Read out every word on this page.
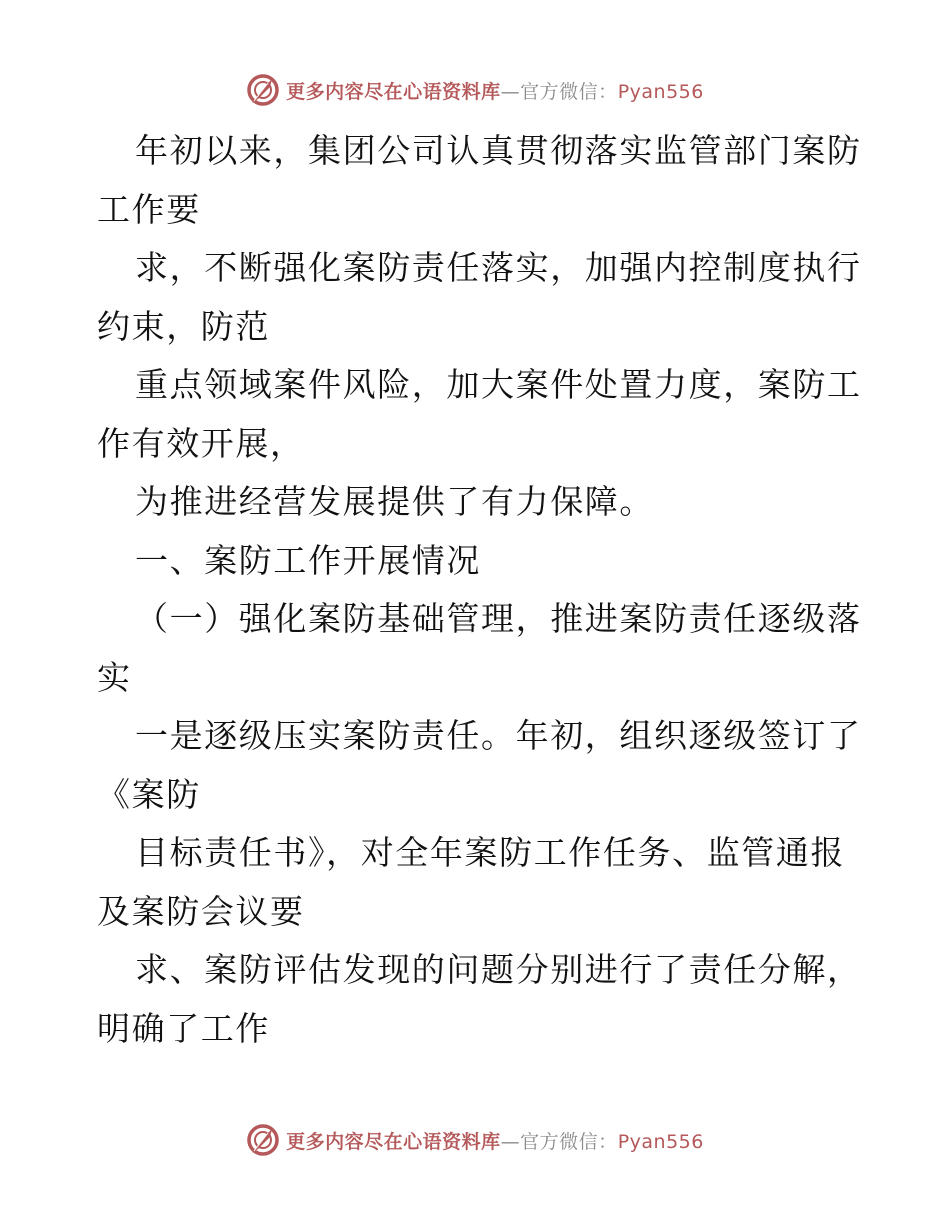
更多内容尽在心语资料库—官方微信：Pyan556
年初以来，集团公司认真贯彻落实监管部门案防
工作要
求，不断强化案防责任落实，加强内控制度执行
约束，防范
重点领域案件风险，加大案件处置力度，案防工
作有效开展，
为推进经营发展提供了有力保障。
一、案防工作开展情况
（一）强化案防基础管理，推进案防责任逐级落
实
一是逐级压实案防责任。年初，组织逐级签订了
《案防
目标责任书》，对全年案防工作任务、监管通报
及案防会议要
求、案防评估发现的问题分别进行了责任分解，
明确了工作
更多内容尽在心语资料库—官方微信：Pyan556
